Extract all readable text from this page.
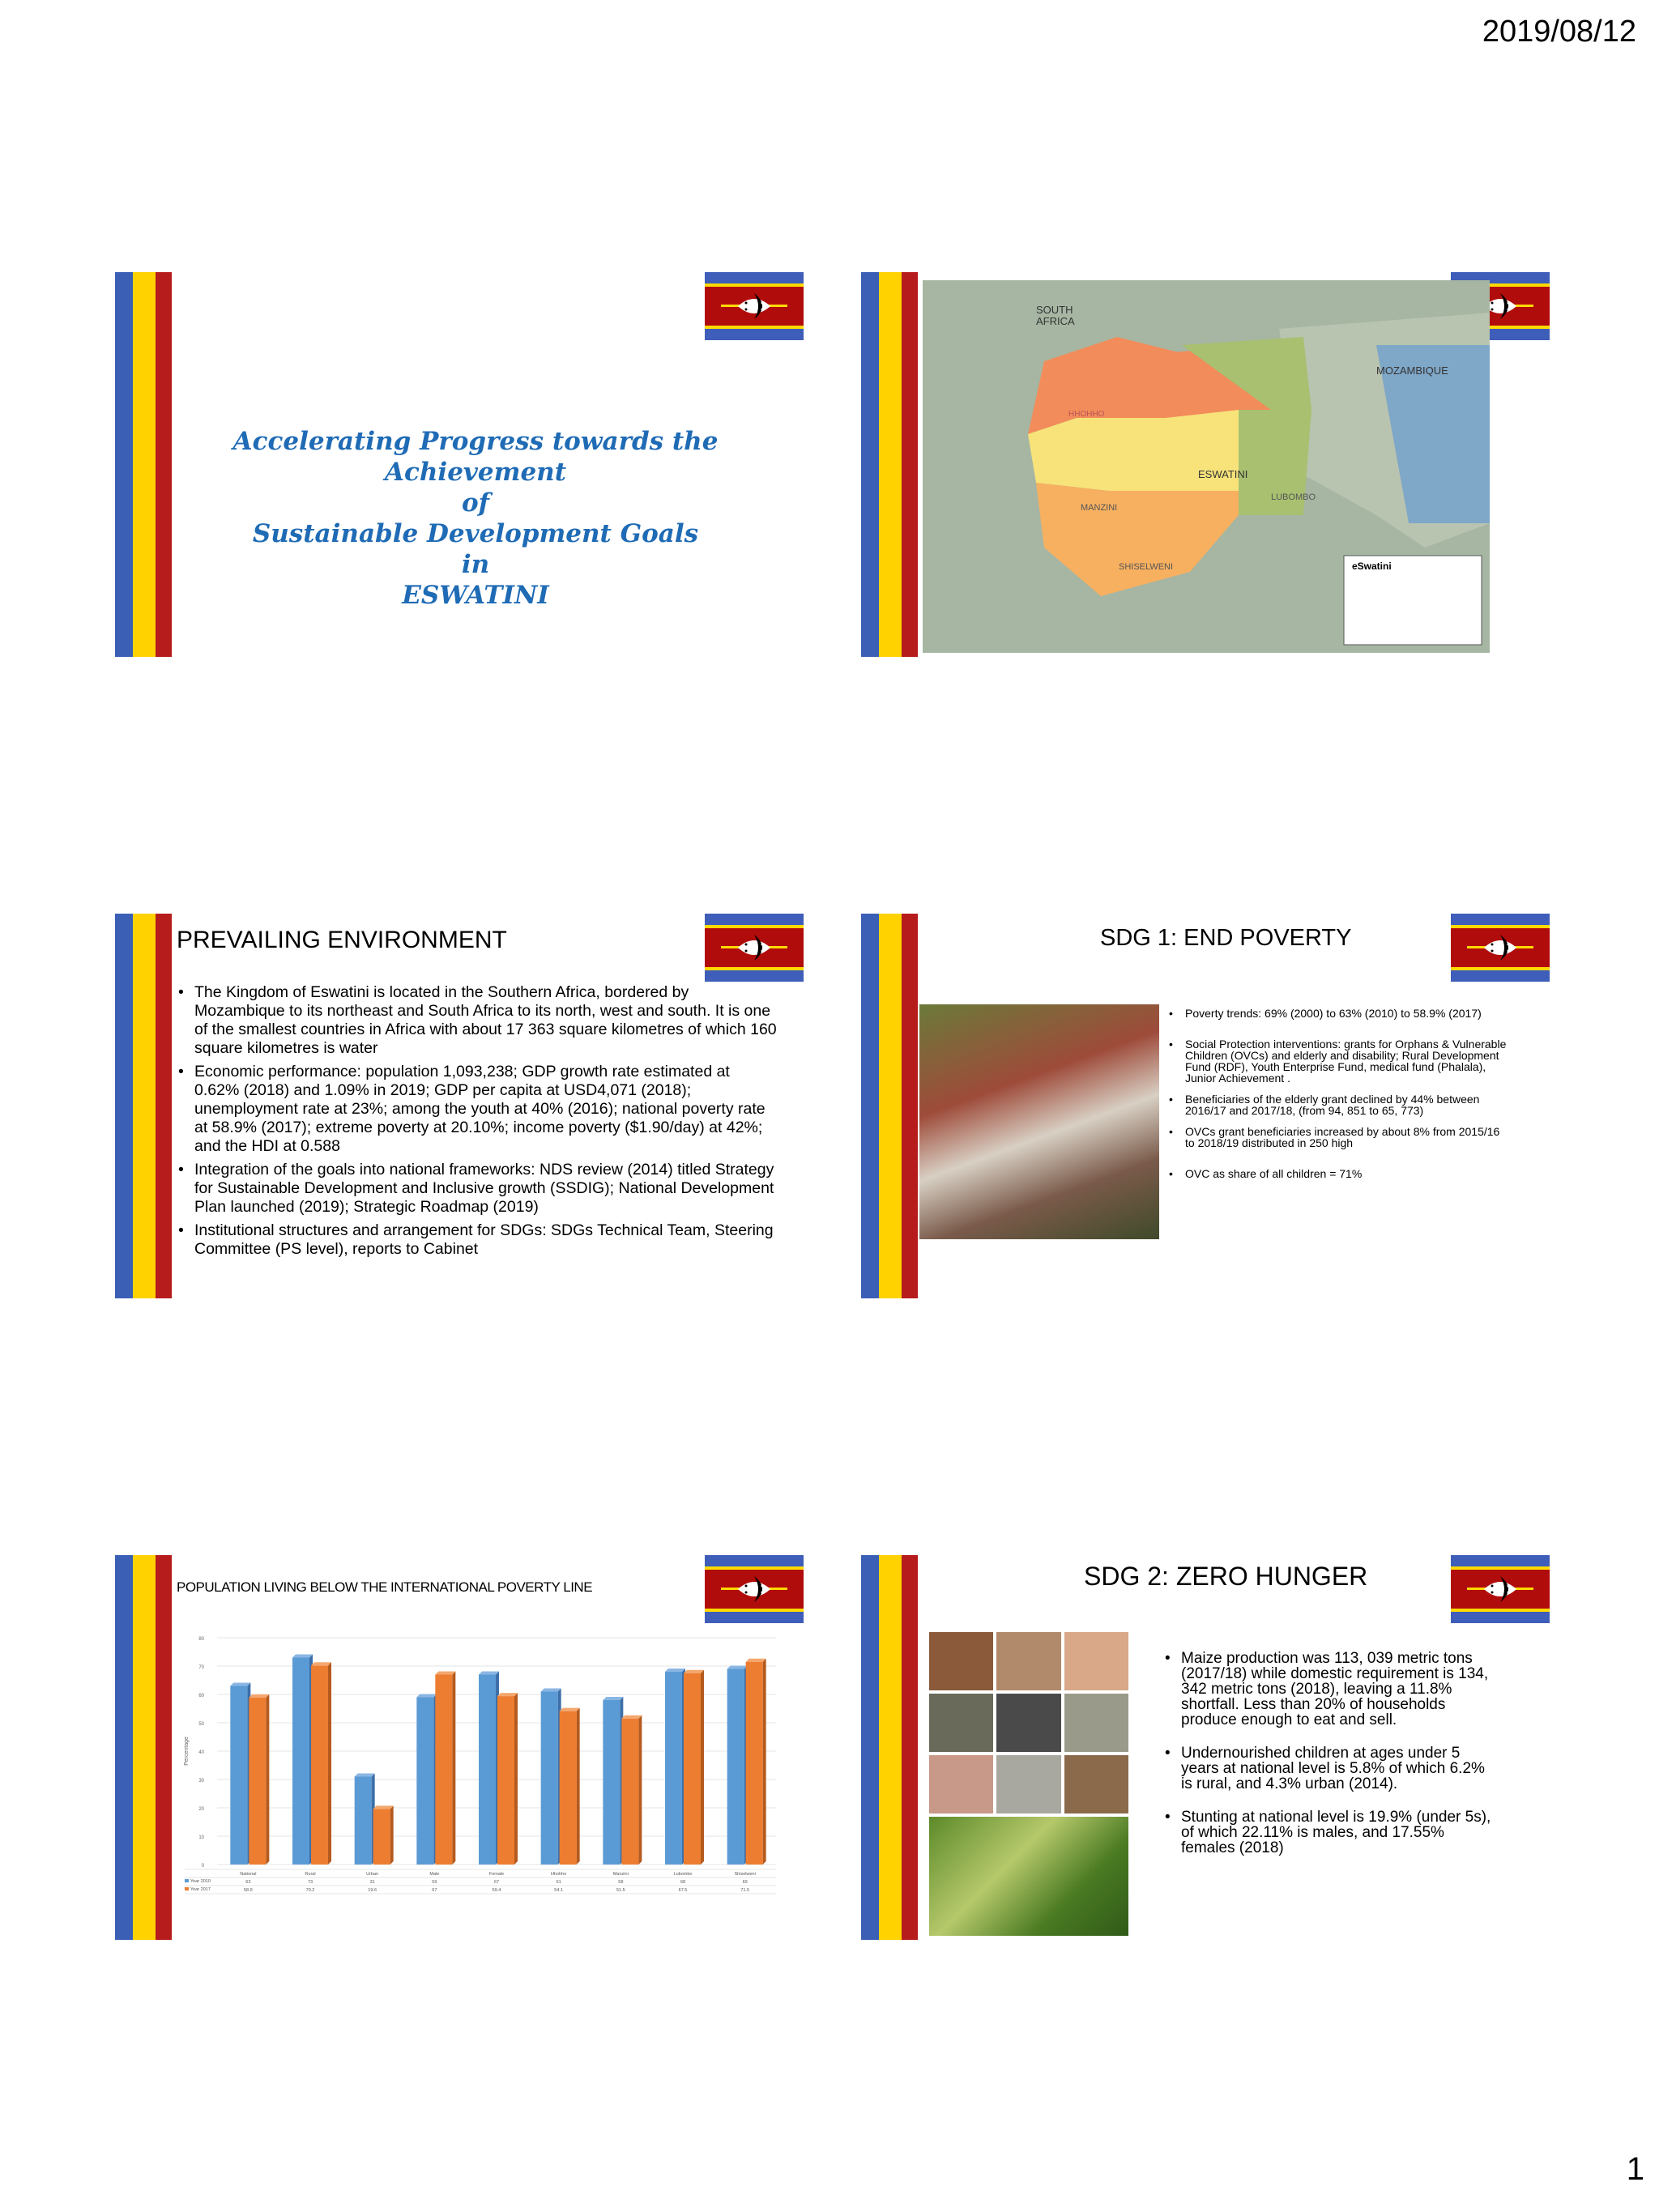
2019/08/12
Accelerating Progress towards the
Achievement
of
Sustainable Development Goals
in
ESWATINI
SOUTH AFRICA
MOZAMBIQUE
ESWATINI
HHOHHO
MANZINI
LUBOMBO
SHISELWENI	eSwatini
PREVAILING ENVIRONMENT
• The Kingdom of Eswatini is located in the Southern Africa, bordered by Mozambique to its northeast and South Africa to its north, west and south. It is one of the smallest countries in Africa with about 17 363 square kilometres of which 160 square kilometres is water
• Economic performance: population 1,093,238; GDP growth rate estimated at 0.62% (2018) and 1.09% in 2019; GDP per capita at USD4,071 (2018); unemployment rate at 23%; among the youth at 40% (2016); national poverty rate at 58.9% (2017); extreme poverty at 20.10%; income poverty ($1.90/day) at 42%; and the HDI at 0.588
• Integration of the goals into national frameworks: NDS review (2014) titled Strategy for Sustainable Development and Inclusive growth (SSDIG); National Development Plan launched (2019); Strategic Roadmap (2019)
• Institutional structures and arrangement for SDGs: SDGs Technical Team, Steering Committee (PS level), reports to Cabinet
SDG 1: END POVERTY
• Poverty trends: 69% (2000) to 63% (2010) to 58.9% (2017)
• Social Protection interventions: grants for Orphans & Vulnerable Children (OVCs) and elderly and disability; Rural Development Fund (RDF), Youth Enterprise Fund, medical fund (Phalala), Junior Achievement .
• Beneficiaries of the elderly grant declined by 44% between 2016/17 and 2017/18, (from 94, 851 to 65, 773)
• OVCs grant beneficiaries increased by about 8% from 2015/16 to 2018/19 distributed in 250 high
• OVC as share of all children = 71%
POPULATION LIVING BELOW THE INTERNATIONAL POVERTY LINE
0
10
20
30
40
50
60
70
80
Percentage
National
63
58.9
Rural
73
70.2
Urban
31
19.6
Male
59
67
Female
67
59.4
Hhohho
61
54.1
Manzini
58
51.5
Lubombo
68
67.5
Shiselweni
69
71.5
Year 2010
Year 2017
SDG 2: ZERO HUNGER
• Maize production was 113, 039 metric tons (2017/18) while domestic requirement is 134, 342 metric tons (2018), leaving a 11.8% shortfall. Less than 20% of households produce enough to eat and sell.
• Undernourished children at ages under 5 years at national level is 5.8% of which 6.2% is rural, and 4.3% urban (2014).
• Stunting at national level is 19.9% (under 5s), of which 22.11% is males, and 17.55% females (2018)
1
